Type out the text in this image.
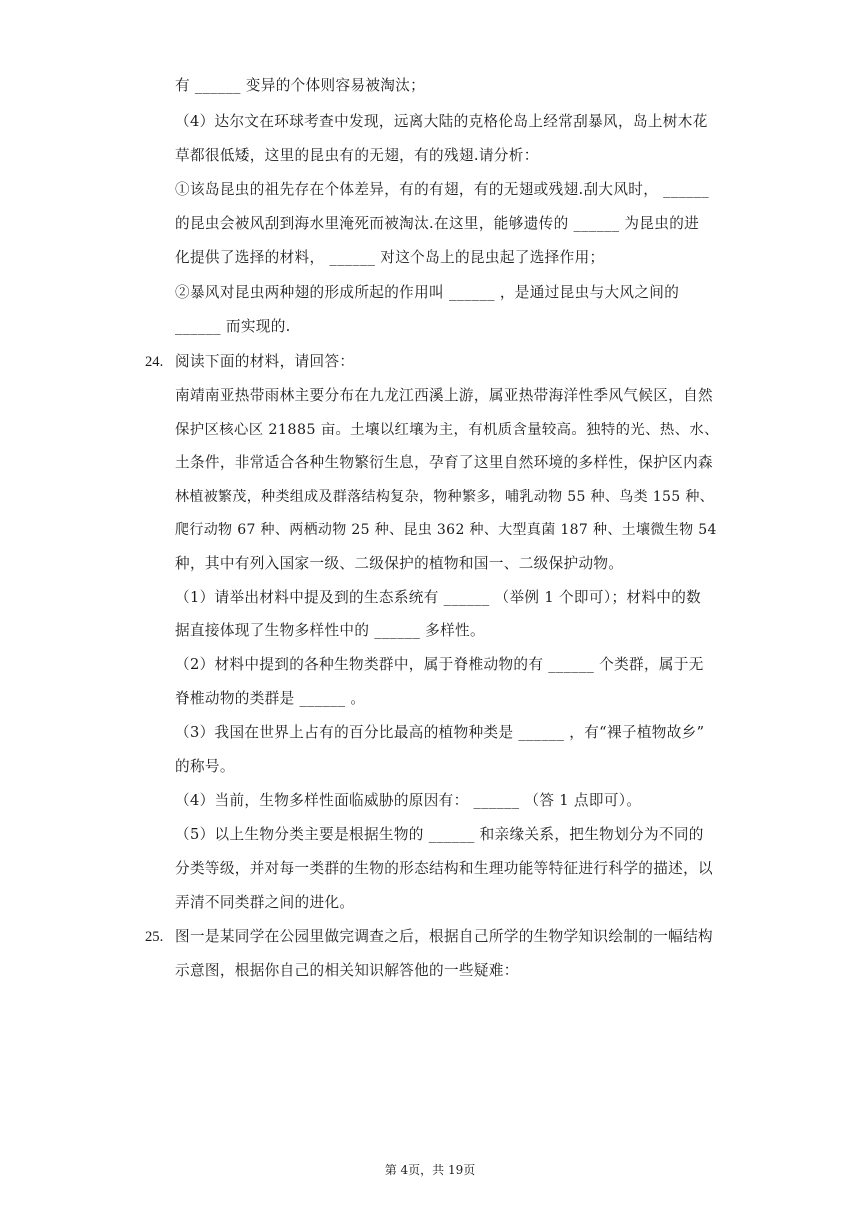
有 ______ 变异的个体则容易被淘汰；
（4）达尔文在环球考查中发现，远离大陆的克格伦岛上经常刮暴风，岛上树木花
草都很低矮，这里的昆虫有的无翅，有的残翅.请分析：
①该岛昆虫的祖先存在个体差异，有的有翅，有的无翅或残翅.刮大风时， ______
的昆虫会被风刮到海水里淹死而被淘汰.在这里，能够遗传的 ______ 为昆虫的进
化提供了选择的材料， ______ 对这个岛上的昆虫起了选择作用；
②暴风对昆虫两种翅的形成所起的作用叫 ______ ，是通过昆虫与大风之间的
______ 而实现的.
24. 阅读下面的材料，请回答：
南靖南亚热带雨林主要分布在九龙江西溪上游，属亚热带海洋性季风气候区，自然
保护区核心区 21885 亩。土壤以红壤为主，有机质含量较高。独特的光、热、水、
土条件，非常适合各种生物繁衍生息，孕育了这里自然环境的多样性，保护区内森
林植被繁茂，种类组成及群落结构复杂，物种繁多，哺乳动物 55 种、鸟类 155 种、
爬行动物 67 种、两栖动物 25 种、昆虫 362 种、大型真菌 187 种、土壤微生物 54
种，其中有列入国家一级、二级保护的植物和国一、二级保护动物。
（1）请举出材料中提及到的生态系统有 ______ （举例 1 个即可）；材料中的数
据直接体现了生物多样性中的 ______ 多样性。
（2）材料中提到的各种生物类群中，属于脊椎动物的有 ______ 个类群，属于无
脊椎动物的类群是 ______ 。
（3）我国在世界上占有的百分比最高的植物种类是 ______ ，有“裸子植物故乡”
的称号。
（4）当前，生物多样性面临威胁的原因有： ______ （答 1 点即可）。
（5）以上生物分类主要是根据生物的 ______ 和亲缘关系，把生物划分为不同的
分类等级，并对每一类群的生物的形态结构和生理功能等特征进行科学的描述，以
弄清不同类群之间的进化。
25. 图一是某同学在公园里做完调查之后，根据自己所学的生物学知识绘制的一幅结构
示意图，根据你自己的相关知识解答他的一些疑难：
第 4页，共 19页
